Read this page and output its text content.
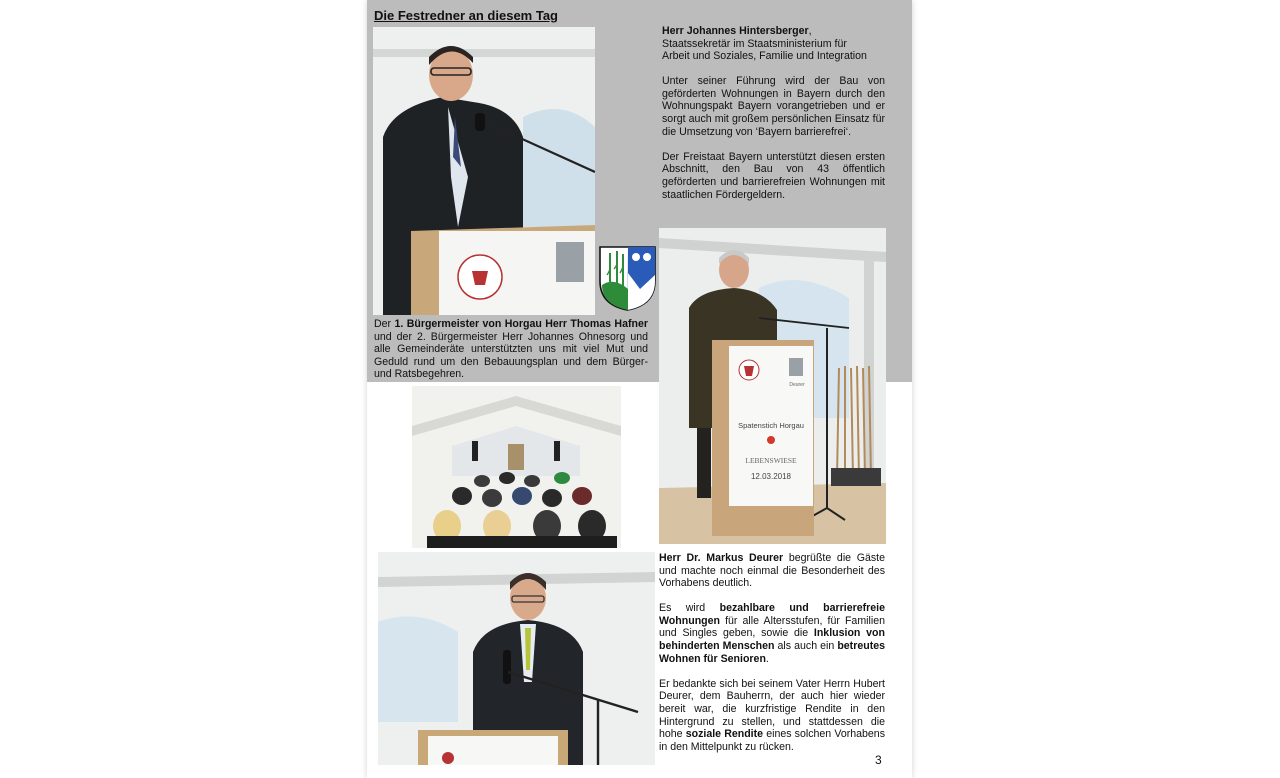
Die Festredner an diesem Tag
Herr Johannes Hintersberger,
Staatssekretär im Staatsministerium für
Arbeit und Soziales, Familie und Integration
Unter seiner Führung wird der Bau von geförderten Wohnungen in Bayern durch den Wohnungspakt Bayern vorangetrieben und er sorgt auch mit großem persönlichen Einsatz für die Umsetzung von ‘Bayern barrierefrei‘.
Der Freistaat Bayern unterstützt diesen ersten Abschnitt, den Bau von 43 öffentlich geförderten und barrierefreien Wohnungen mit staatlichen Fördergeldern.
Der 1. Bürgermeister von Horgau Herr Thomas Hafner und der 2. Bürgermeister Herr Johannes Ohnesorg und alle Gemeinderäte unterstützten uns mit viel Mut und Geduld rund um den Bebauungsplan und dem Bürger- und Ratsbegehren.
Spatenstich Horgau
LEBENSWIESE
12.03.2018
Deurer
Herr Dr. Markus Deurer begrüßte die Gäste und machte noch einmal die Besonderheit des Vorhabens deutlich.
Es wird bezahlbare und barrierefreie Wohnungen für alle Altersstufen, für Familien und Singles geben, sowie die Inklusion von behinderten Menschen als auch ein betreutes Wohnen für Senioren.
Er bedankte sich bei seinem Vater Herrn Hubert Deurer, dem Bauherrn, der auch hier wieder bereit war, die kurzfristige Rendite in den Hintergrund zu stellen, und stattdessen die hohe soziale Rendite eines solchen Vorhabens in den Mittelpunkt zu rücken.
3
